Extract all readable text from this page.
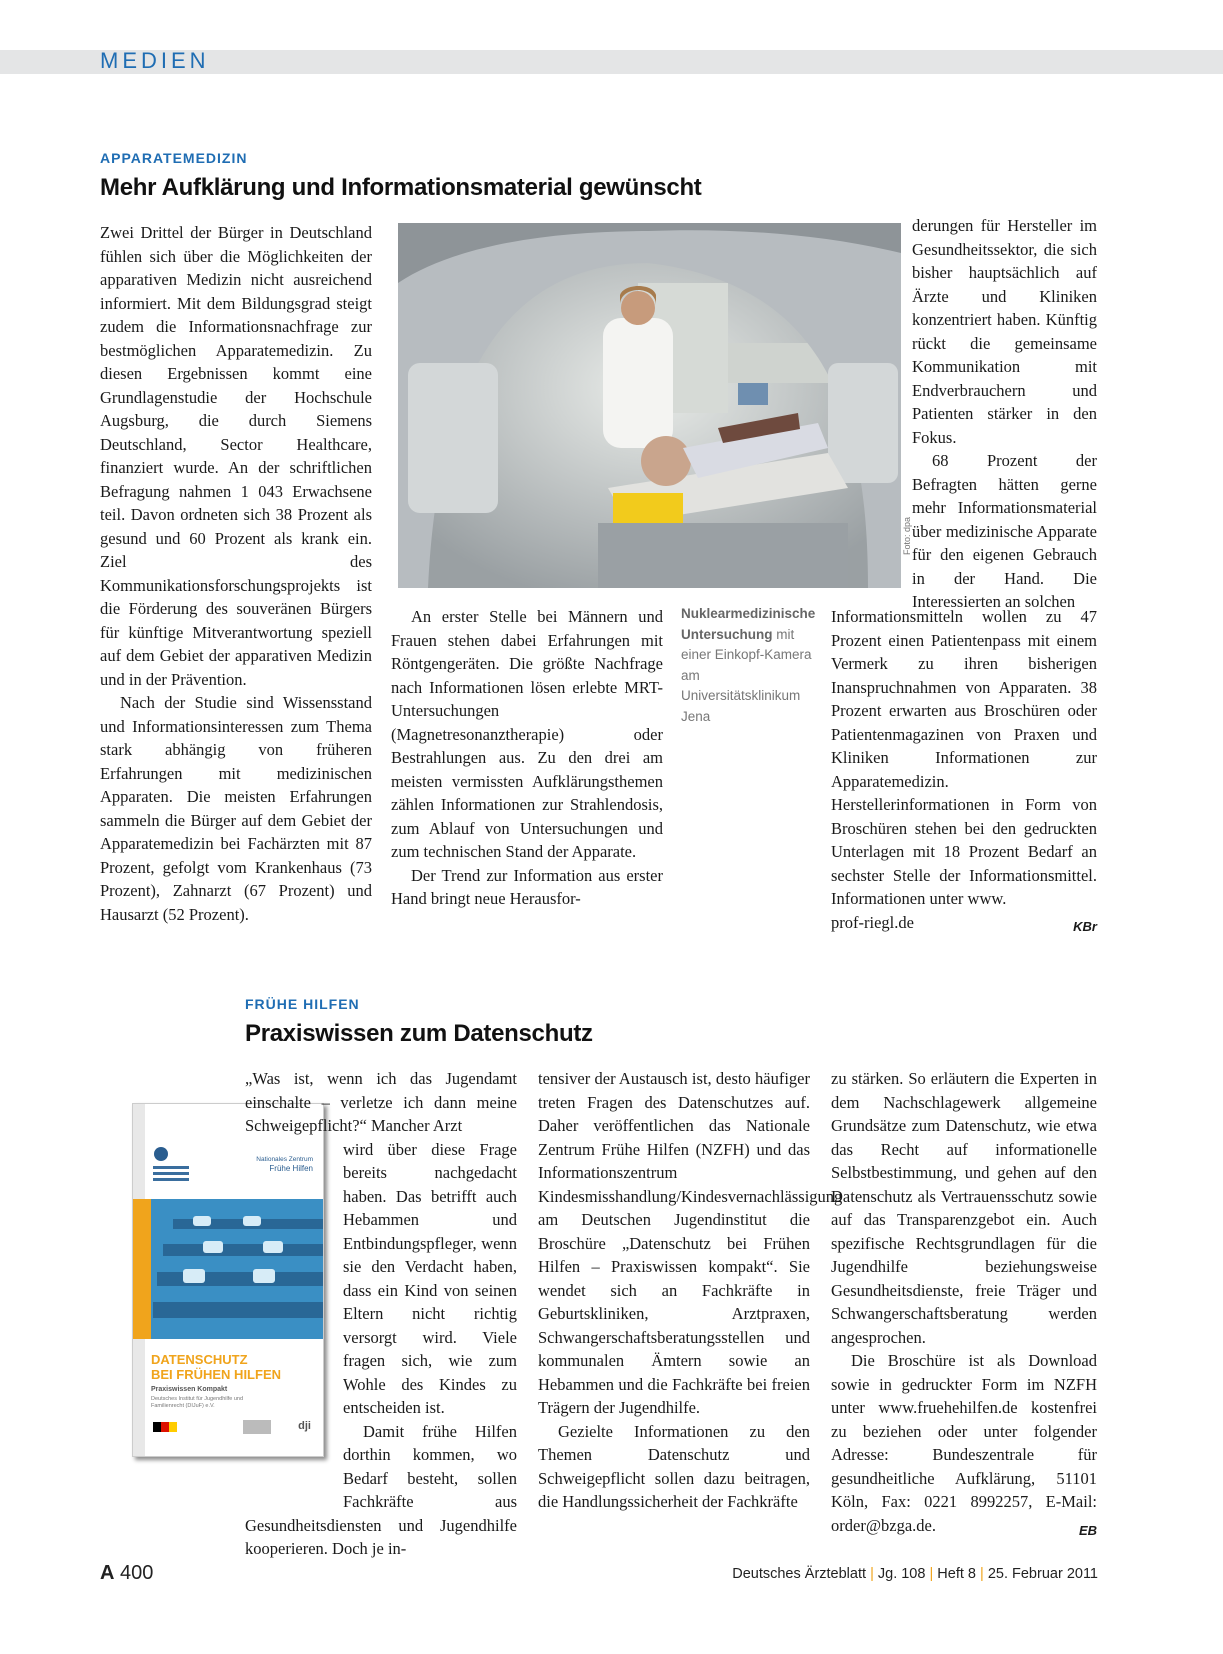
MEDIEN
APPARATEMEDIZIN
Mehr Aufklärung und Informationsmaterial gewünscht

Zwei Drittel der Bürger in Deutschland fühlen sich über die Möglichkeiten der apparativen Medizin nicht ausreichend informiert. Mit dem Bildungsgrad steigt zudem die Informationsnachfrage zur bestmöglichen Apparatemedizin. Zu diesen Ergebnissen kommt eine Grundlagenstudie der Hochschule Augsburg, die durch Siemens Deutschland, Sector Healthcare, finanziert wurde. An der schriftlichen Befragung nahmen 1 043 Erwachsene teil. Davon ordneten sich 38 Prozent als gesund und 60 Prozent als krank ein. Ziel des Kommunikationsforschungsprojekts ist die Förderung des souveränen Bürgers für künftige Mitverantwortung speziell auf dem Gebiet der apparativen Medizin und in der Prävention.

Nach der Studie sind Wissensstand und Informationsinteressen zum Thema stark abhängig von früheren Erfahrungen mit medizinischen Apparaten. Die meisten Erfahrungen sammeln die Bürger auf dem Gebiet der Apparatemedizin bei Fachärzten mit 87 Prozent, gefolgt vom Krankenhaus (73 Prozent), Zahnarzt (67 Prozent) und Hausarzt (52 Prozent).

Foto: dpa
Nuklearmedizinische Untersuchung mit einer Einkopf-Kamera am Universitätsklinikum Jena

An erster Stelle bei Männern und Frauen stehen dabei Erfahrungen mit Röntgengeräten. Die größte Nachfrage nach Informationen lösen erlebte MRT-Untersuchungen (Magnetresonanztherapie) oder Bestrahlungen aus. Zu den drei am meisten vermissten Aufklärungsthemen zählen Informationen zur Strahlendosis, zum Ablauf von Untersuchungen und zum technischen Stand der Apparate.

Der Trend zur Information aus erster Hand bringt neue Herausfor-

derungen für Hersteller im Gesundheitssektor, die sich bisher hauptsächlich auf Ärzte und Kliniken konzentriert haben. Künftig rückt die gemeinsame Kommunikation mit Endverbrauchern und Patienten stärker in den Fokus.

68 Prozent der Befragten hätten gerne mehr Informationsmaterial über medizinische Apparate für den eigenen Gebrauch in der Hand. Die Interessierten an solchen

Informationsmitteln wollen zu 47 Prozent einen Patientenpass mit einem Vermerk zu ihren bisherigen Inanspruchnahmen von Apparaten. 38 Prozent erwarten aus Broschüren oder Patientenmagazinen von Praxen und Kliniken Informationen zur Apparatemedizin. Herstellerinformationen in Form von Broschüren stehen bei den gedruckten Unterlagen mit 18 Prozent Bedarf an sechster Stelle der Informationsmittel. Informationen unter www.

prof-riegl.de	KBr

FRÜHE HILFEN
Praxiswissen zum Datenschutz
Nationales Zentrum
Frühe Hilfen
DATENSCHUTZ
BEI FRÜHEN HILFEN
Praxiswissen Kompakt
Deutsches Institut für Jugendhilfe und Familienrecht (DIJuF) e.V.
dji

„Was ist, wenn ich das Jugendamt einschalte – verletze ich dann meine Schweigepflicht?“ Mancher Arzt

wird über diese Frage bereits nachgedacht haben. Das betrifft auch Hebammen und Entbindungspfleger, wenn sie den Verdacht haben, dass ein Kind von seinen Eltern nicht richtig versorgt wird. Viele fragen sich, wie zum Wohle des Kindes zu entscheiden ist.

Damit frühe Hilfen dorthin kommen, wo Bedarf besteht, sollen Fachkräfte aus Gesundheitsdiensten und Jugendhilfe kooperieren. Doch je in-

tensiver der Austausch ist, desto häufiger treten Fragen des Datenschutzes auf. Daher veröffentlichen das Nationale Zentrum Frühe Hilfen (NZFH) und das Informationszentrum Kindesmisshandlung/Kindesvernachlässigung am Deutschen Jugendinstitut die Broschüre „Datenschutz bei Frühen Hilfen – Praxiswissen kompakt“. Sie wendet sich an Fachkräfte in Geburtskliniken, Arztpraxen, Schwangerschaftsberatungsstellen und kommunalen Ämtern sowie an Hebammen und die Fachkräfte bei freien Trägern der Jugendhilfe.

Gezielte Informationen zu den Themen Datenschutz und Schweigepflicht sollen dazu beitragen, die Handlungssicherheit der Fachkräfte

zu stärken. So erläutern die Experten in dem Nachschlagewerk allgemeine Grundsätze zum Datenschutz, wie etwa das Recht auf informationelle Selbstbestimmung, und gehen auf den Datenschutz als Vertrauensschutz sowie auf das Transparenzgebot ein. Auch spezifische Rechtsgrundlagen für die Jugendhilfe beziehungsweise Gesundheitsdienste, freie Träger und Schwangerschaftsberatung werden angesprochen.

Die Broschüre ist als Download sowie in gedruckter Form im NZFH unter www.fruehehilfen.de kostenfrei zu beziehen oder unter folgender Adresse: Bundeszentrale für gesundheitliche Aufklärung, 51101 Köln, Fax: 0221 8992257, E-Mail: order@bzga.de.	EB

A 400	Deutsches Ärzteblatt | Jg. 108 | Heft 8 | 25. Februar 2011
